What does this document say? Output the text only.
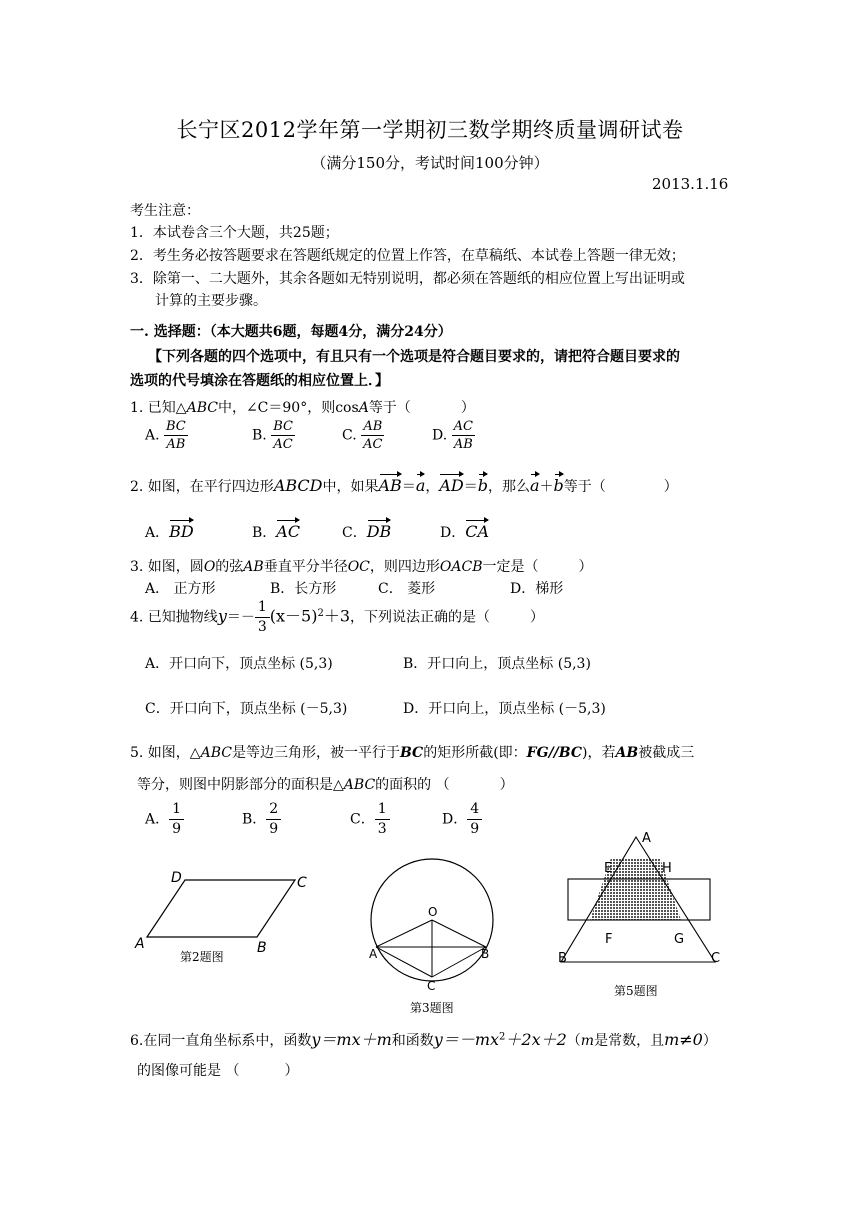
长宁区2012学年第一学期初三数学期终质量调研试卷
（满分150分，考试时间100分钟）
2013.1.16
考生注意：
1．本试卷含三个大题，共25题；
2．考生务必按答题要求在答题纸规定的位置上作答，在草稿纸、本试卷上答题一律无效；
3．除第一、二大题外，其余各题如无特别说明，都必须在答题纸的相应位置上写出证明或
计算的主要步骤。
一. 选择题：（本大题共6题，每题4分，满分24分）
【下列各题的四个选项中，有且只有一个选项是符合题目要求的，请把符合题目要求的
选项的代号填涂在答题纸的相应位置上．】
1. 已知△ABC中，∠C＝90°，则cosA等于（	）
A. $\frac{BC}{AB}$	B. $\frac{BC}{AC}$	C. $\frac{AB}{AC}$	D. $\frac{AC}{AB}$
2. 如图，在平行四边形ABCD中，如果AB＝a，AD＝b，那么a＋b等于（	）
A．BD	B．AC	C．DB	D．CA
3. 如图，圆O的弦AB垂直平分半径OC，则四边形OACB一定是（	）
A． 正方形	B．长方形	C． 菱形	D．梯形
4. 已知抛物线$y=- \frac{1}{3} (x-5)^2+3$，下列说法正确的是（	）
A．开口向下，顶点坐标 (5,3)	B．开口向上，顶点坐标 (5,3)
C．开口向下，顶点坐标 (－5,3)	D．开口向上，顶点坐标 (－5,3)
5. 如图，△ABC是等边三角形，被一平行于BC的矩形所截(即：FG//BC)，若AB被截成三
等分，则图中阴影部分的面积是△ABC的面积的 （	）
A． $\frac{1}{9}$	B． $\frac{2}{9}$	C． $\frac{1}{3}$	D． $\frac{4}{9}$
D	C
A	B
第2题图
O
A	B
C
第3题图
A
E	H
F	G
B	C
第5题图
6.在同一直角坐标系中，函数y＝mx＋m和函数$y=-mx^2+2x+2(m$是常数，且m≠0）
的图像可能是 （	）
